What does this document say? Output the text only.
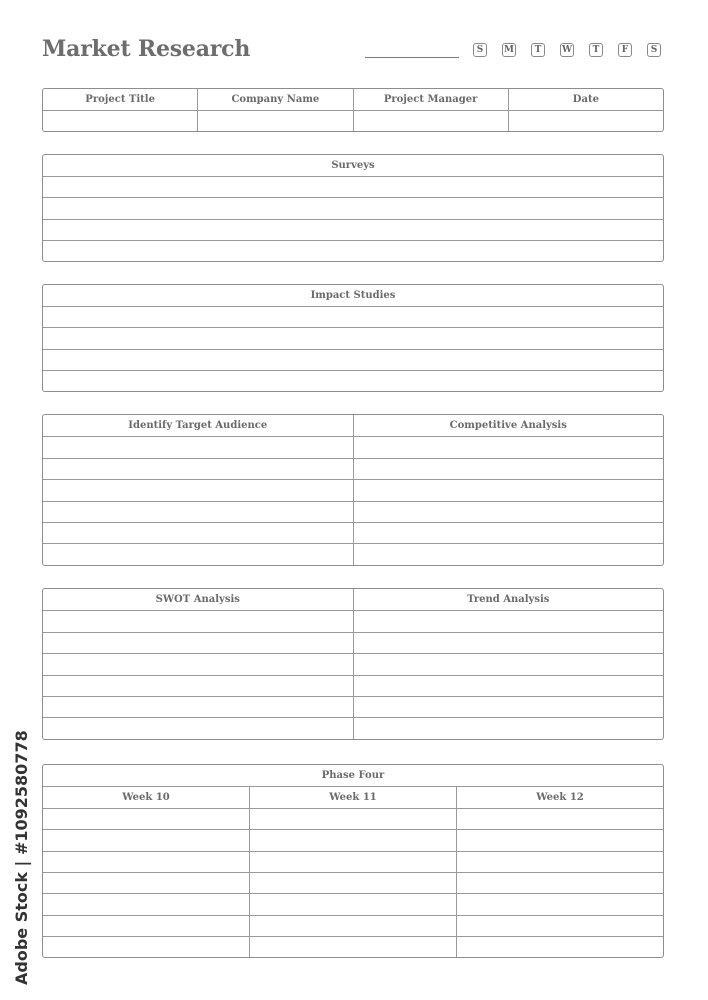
Market Research	S	M	T	W	T	F	S
Project Title	Company Name	Project Manager	Date
Surveys
Impact Studies
Identify Target Audience	Competitive Analysis
SWOT Analysis	Trend Analysis
Phase Four
Week 10	Week 11	Week 12
Adobe Stock | #1092580778
